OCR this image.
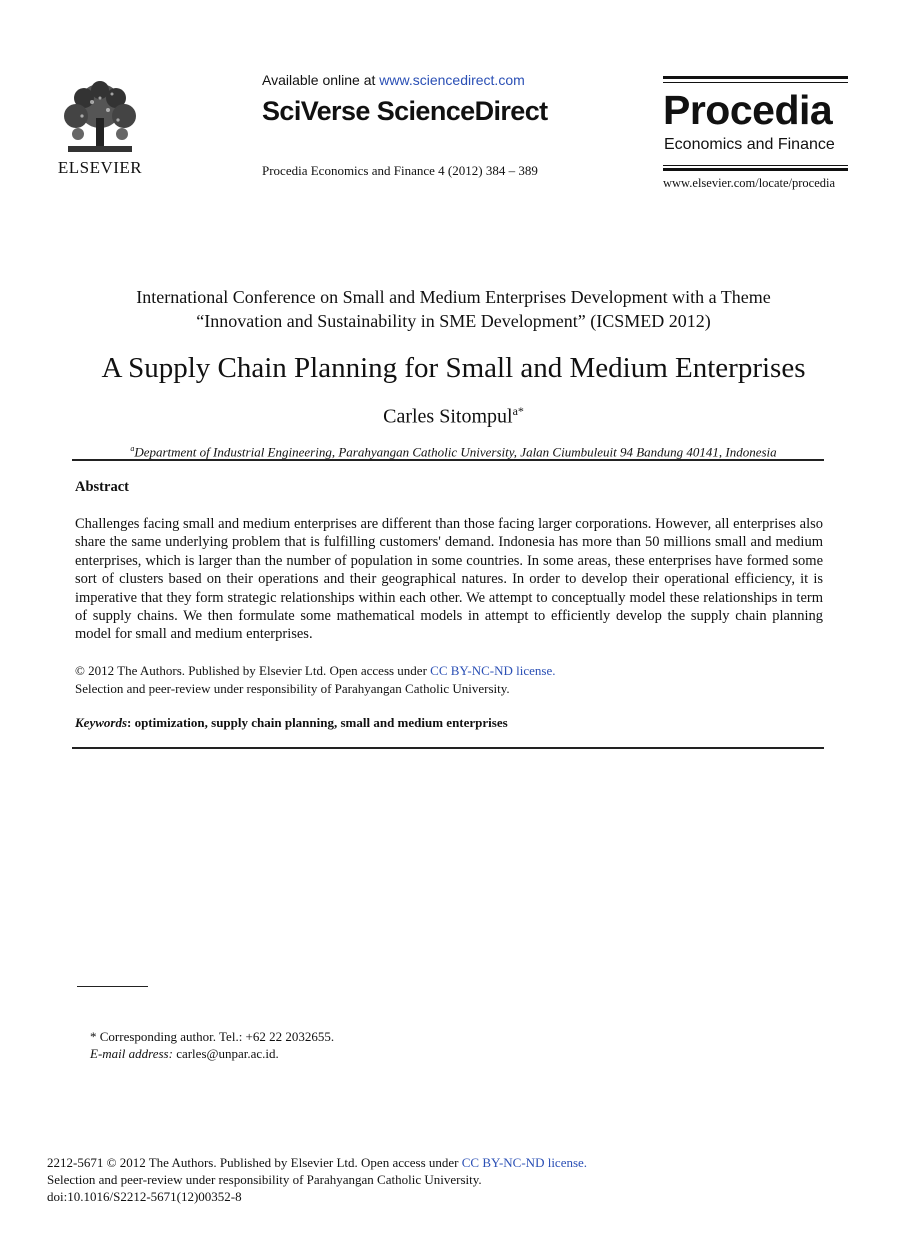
ELSEVIER
Available online at www.sciencedirect.com
SciVerse ScienceDirect
Procedia Economics and Finance 4 (2012) 384 – 389
Procedia
Economics and Finance
www.elsevier.com/locate/procedia
International Conference on Small and Medium Enterprises Development with a Theme
“Innovation and Sustainability in SME Development” (ICSMED 2012)
A Supply Chain Planning for Small and Medium Enterprises
Carles Sitompul$^{a*}$
$^a$Department of Industrial Engineering, Parahyangan Catholic University, Jalan Ciumbuleuit 94 Bandung 40141, Indonesia
Abstract
Challenges facing small and medium enterprises are different than those facing larger corporations. However, all enterprises also share the same underlying problem that is fulfilling customers' demand. Indonesia has more than 50 millions small and medium enterprises, which is larger than the number of population in some countries. In some areas, these enterprises have formed some sort of clusters based on their operations and their geographical natures. In order to develop their operational efficiency, it is imperative that they form strategic relationships within each other. We attempt to conceptually model these relationships in term of supply chains. We then formulate some mathematical models in attempt to efficiently develop the supply chain planning model for small and medium enterprises.
© 2012 The Authors. Published by Elsevier Ltd. Open access under CC BY-NC-ND license.
Selection and peer-review under responsibility of Parahyangan Catholic University.
Keywords: optimization, supply chain planning, small and medium enterprises
* Corresponding author. Tel.: +62 22 2032655.
E-mail address: carles@unpar.ac.id.
2212-5671 © 2012 The Authors. Published by Elsevier Ltd. Open access under CC BY-NC-ND license.
Selection and peer-review under responsibility of Parahyangan Catholic University.
doi:10.1016/S2212-5671(12)00352-8
